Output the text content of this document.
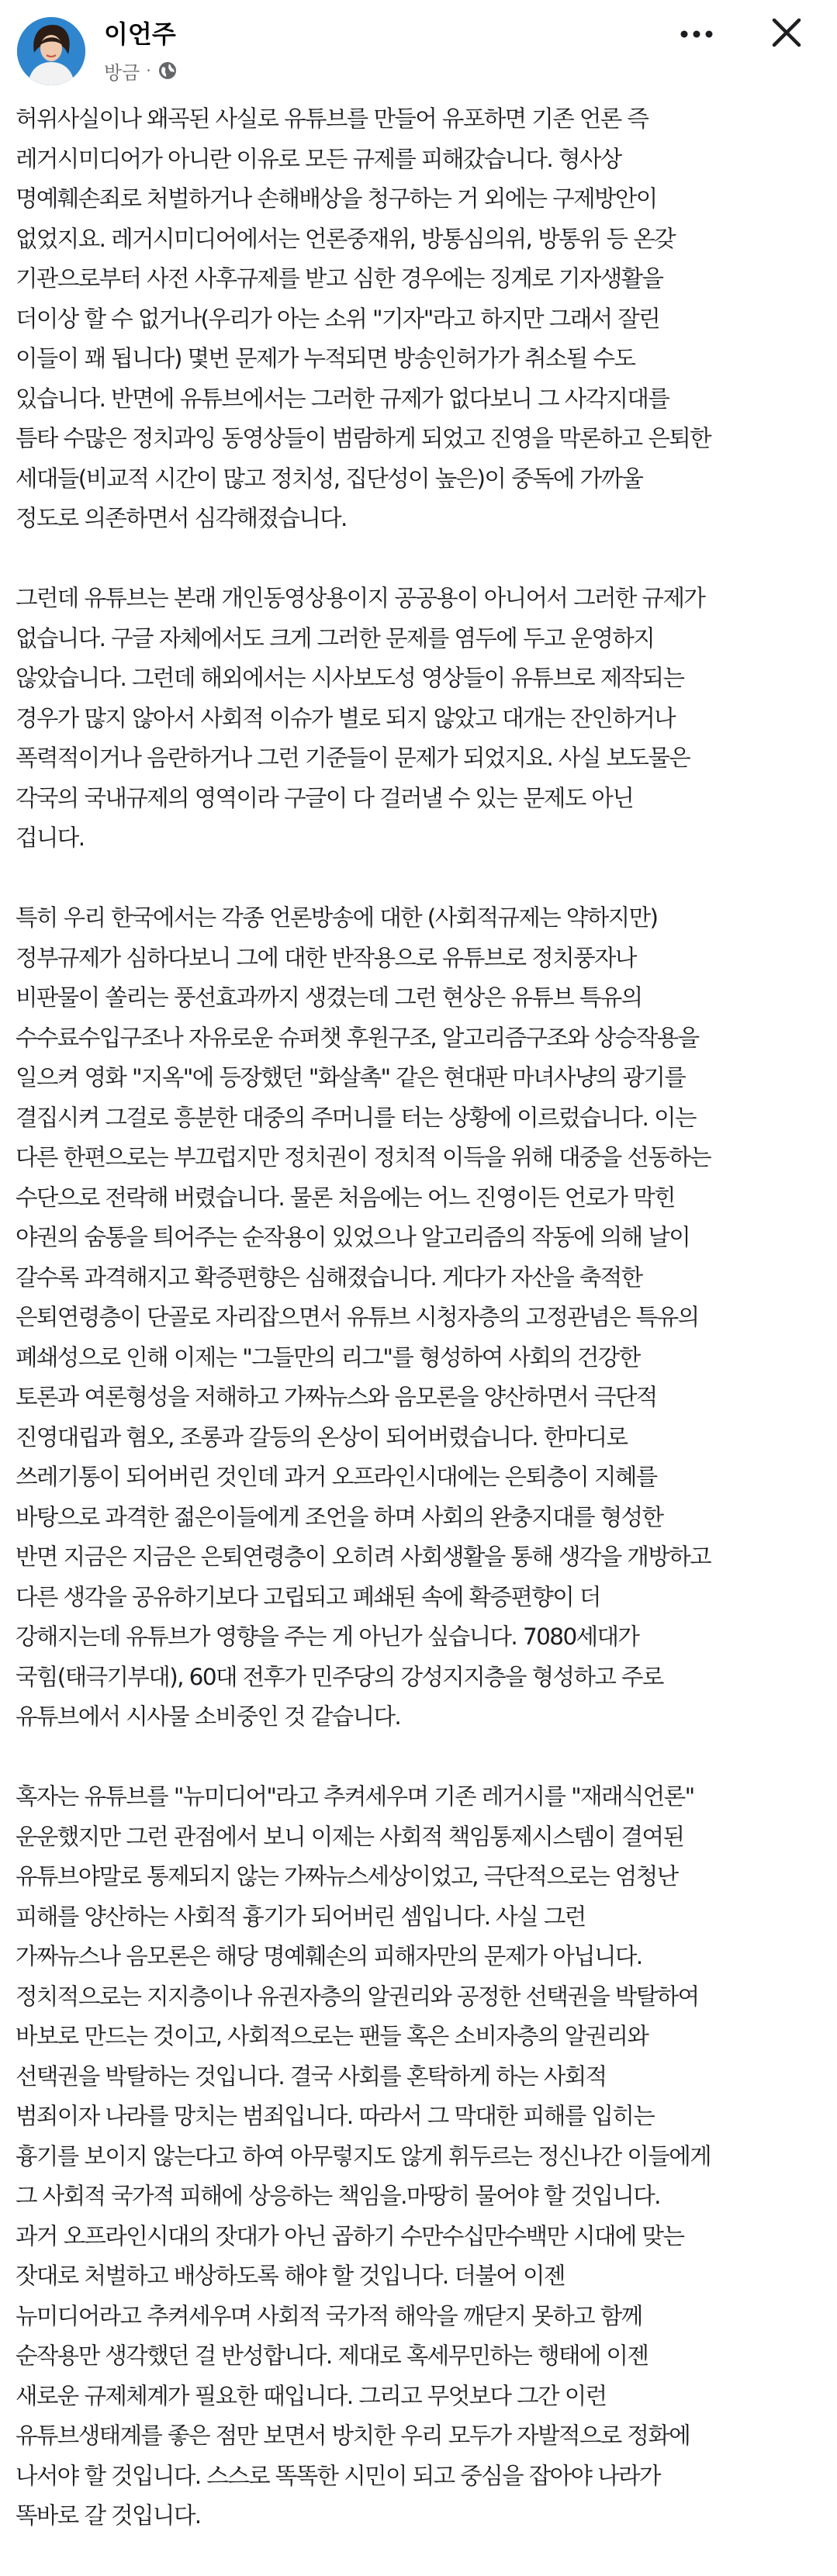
이언주
방금 ·

허위사실이나 왜곡된 사실로 유튜브를 만들어 유포하면 기존 언론 즉
레거시미디어가 아니란 이유로 모든 규제를 피해갔습니다. 형사상
명예훼손죄로 처벌하거나 손해배상을 청구하는 거 외에는 구제방안이
없었지요. 레거시미디어에서는 언론중재위, 방통심의위, 방통위 등 온갖
기관으로부터 사전 사후규제를 받고 심한 경우에는 징계로 기자생활을
더이상 할 수 없거나(우리가 아는 소위 "기자"라고 하지만 그래서 잘린
이들이 꽤 됩니다) 몇번 문제가 누적되면 방송인허가가 취소될 수도
있습니다. 반면에 유튜브에서는 그러한 규제가 없다보니 그 사각지대를
틈타 수많은 정치과잉 동영상들이 범람하게 되었고 진영을 막론하고 은퇴한
세대들(비교적 시간이 많고 정치성, 집단성이 높은)이 중독에 가까울
정도로 의존하면서 심각해졌습니다.

그런데 유튜브는 본래 개인동영상용이지 공공용이 아니어서 그러한 규제가
없습니다. 구글 자체에서도 크게 그러한 문제를 염두에 두고 운영하지
않았습니다. 그런데 해외에서는 시사보도성 영상들이 유튜브로 제작되는
경우가 많지 않아서 사회적 이슈가 별로 되지 않았고 대개는 잔인하거나
폭력적이거나 음란하거나 그런 기준들이 문제가 되었지요. 사실 보도물은
각국의 국내규제의 영역이라 구글이 다 걸러낼 수 있는 문제도 아닌
겁니다.

특히 우리 한국에서는 각종 언론방송에 대한 (사회적규제는 약하지만)
정부규제가 심하다보니 그에 대한 반작용으로 유튜브로 정치풍자나
비판물이 쏠리는 풍선효과까지 생겼는데 그런 현상은 유튜브 특유의
수수료수입구조나 자유로운 슈퍼챗 후원구조, 알고리즘구조와 상승작용을
일으켜 영화 "지옥"에 등장했던 "화살촉" 같은 현대판 마녀사냥의 광기를
결집시켜 그걸로 흥분한 대중의 주머니를 터는 상황에 이르렀습니다. 이는
다른 한편으로는 부끄럽지만 정치권이 정치적 이득을 위해 대중을 선동하는
수단으로 전락해 버렸습니다. 물론 처음에는 어느 진영이든 언로가 막힌
야권의 숨통을 틔어주는 순작용이 있었으나 알고리즘의 작동에 의해 날이
갈수록 과격해지고 확증편향은 심해졌습니다. 게다가 자산을 축적한
은퇴연령층이 단골로 자리잡으면서 유튜브 시청자층의 고정관념은 특유의
폐쇄성으로 인해 이제는 "그들만의 리그"를 형성하여 사회의 건강한
토론과 여론형성을 저해하고 가짜뉴스와 음모론을 양산하면서 극단적
진영대립과 혐오, 조롱과 갈등의 온상이 되어버렸습니다. 한마디로
쓰레기통이 되어버린 것인데 과거 오프라인시대에는 은퇴층이 지혜를
바탕으로 과격한 젊은이들에게 조언을 하며 사회의 완충지대를 형성한
반면 지금은 지금은 은퇴연령층이 오히려 사회생활을 통해 생각을 개방하고
다른 생각을 공유하기보다 고립되고 폐쇄된 속에 확증편향이 더
강해지는데 유튜브가 영향을 주는 게 아닌가 싶습니다. 7080세대가
국힘(태극기부대), 60대 전후가 민주당의 강성지지층을 형성하고 주로
유튜브에서 시사물 소비중인 것 같습니다.

혹자는 유튜브를 "뉴미디어"라고 추켜세우며 기존 레거시를 "재래식언론"
운운했지만 그런 관점에서 보니 이제는 사회적 책임통제시스템이 결여된
유튜브야말로 통제되지 않는 가짜뉴스세상이었고, 극단적으로는 엄청난
피해를 양산하는 사회적 흉기가 되어버린 셈입니다. 사실 그런
가짜뉴스나 음모론은 해당 명예훼손의 피해자만의 문제가 아닙니다.
정치적으로는 지지층이나 유권자층의 알권리와 공정한 선택권을 박탈하여
바보로 만드는 것이고, 사회적으로는 팬들 혹은 소비자층의 알권리와
선택권을 박탈하는 것입니다. 결국 사회를 혼탁하게 하는 사회적
범죄이자 나라를 망치는 범죄입니다. 따라서 그 막대한 피해를 입히는
흉기를 보이지 않는다고 하여 아무렇지도 않게 휘두르는 정신나간 이들에게
그 사회적 국가적 피해에 상응하는 책임을.마땅히 물어야 할 것입니다.
과거 오프라인시대의 잣대가 아닌 곱하기 수만수십만수백만 시대에 맞는
잣대로 처벌하고 배상하도록 해야 할 것입니다. 더불어 이젠
뉴미디어라고 추켜세우며 사회적 국가적 해악을 깨닫지 못하고 함께
순작용만 생각했던 걸 반성합니다. 제대로 혹세무민하는 행태에 이젠
새로운 규제체계가 필요한 때입니다. 그리고 무엇보다 그간 이런
유튜브생태계를 좋은 점만 보면서 방치한 우리 모두가 자발적으로 정화에
나서야 할 것입니다. 스스로 똑똑한 시민이 되고 중심을 잡아야 나라가
똑바로 갈 것입니다.
